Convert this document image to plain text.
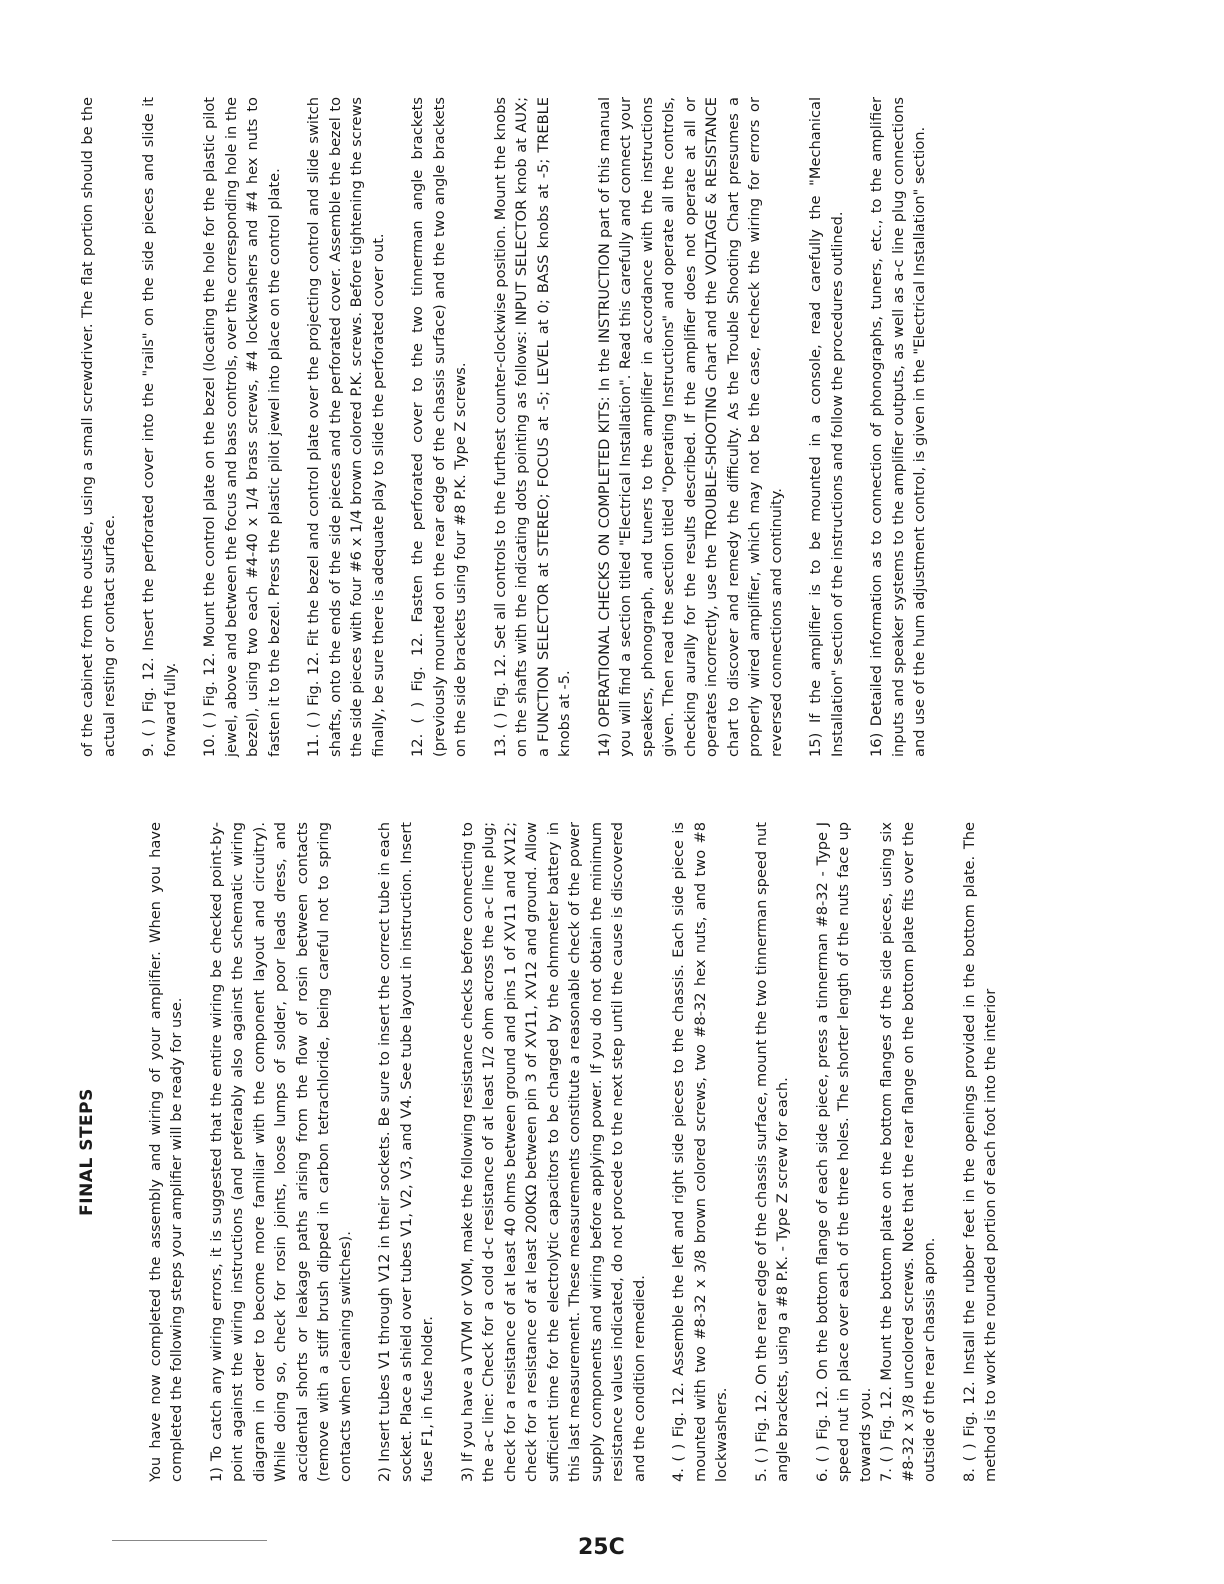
FINAL STEPS	You have now completed the assembly and wiring of your amplifier. When you have completed the following steps your amplifier will be ready for use. 1) To catch any wiring errors, it is suggested that the entire wiring be checked point-by-point against the wiring instructions (and preferably also against the schematic wiring diagram in order to become more familiar with the component layout and circuitry). While doing so, check for rosin joints, loose lumps of solder, poor leads dress, and accidental shorts or leakage paths arising from the flow of rosin between contacts (remove with a stiff brush dipped in carbon tetrachloride, being careful not to spring contacts when cleaning switches). 2) Insert tubes V1 through V12 in their sockets. Be sure to insert the correct tube in each socket. Place a shield over tubes V1, V2, V3, and V4. See tube layout in instruction. Insert fuse F1, in fuse holder. 3) If you have a VTVM or VOM, make the following resistance checks before connecting to the a-c line: Check for a cold d-c resistance of at least 1/2 ohm across the a-c line plug; check for a resistance of at least 40 ohms between ground and pins 1 of XV11 and XV12; check for a resistance of at least 200KΩ between pin 3 of XV11, XV12 and ground. Allow sufficient time for the electrolytic capacitors to be charged by the ohmmeter battery in this last measurement. These measurements constitute a reasonable check of the power supply components and wiring before applying power. If you do not obtain the minimum resistance values indicated, do not procede to the next step until the cause is discovered and the condition remedied. 4. ( ) Fig. 12. Assemble the left and right side pieces to the chassis. Each side piece is mounted with two #8-32 x 3/8 brown colored screws, two #8-32 hex nuts, and two #8 lockwashers. 5. ( ) Fig. 12. On the rear edge of the chassis surface, mount the two tinnerman speed nut angle brackets, using a #8 P.K. - Type Z screw for each. 6. ( ) Fig. 12. On the bottom flange of each side piece, press a tinnerman #8-32 - Type J speed nut in place over each of the three holes. The shorter length of the nuts face up towards you. 7. ( ) Fig. 12. Mount the bottom plate on the bottom flanges of the side pieces, using six #8-32 x 3/8 uncolored screws. Note that the rear flange on the bottom plate fits over the outside of the rear chassis apron. 8. ( ) Fig. 12. Install the rubber feet in the openings provided in the bottom plate. The method is to work the rounded portion of each foot into the interior

of the cabinet from the outside, using a small screwdriver. The flat portion should be the actual resting or contact surface. 9. ( ) Fig. 12. Insert the perforated cover into the "rails" on the side pieces and slide it forward fully. 10. ( ) Fig. 12. Mount the control plate on the bezel (locating the hole for the plastic pilot jewel, above and between the focus and bass controls, over the corresponding hole in the bezel), using two each #4-40 x 1/4 brass screws, #4 lockwashers and #4 hex nuts to fasten it to the bezel. Press the plastic pilot jewel into place on the control plate. 11. ( ) Fig. 12. Fit the bezel and control plate over the projecting control and slide switch shafts, onto the ends of the side pieces and the perforated cover. Assemble the bezel to the side pieces with four #6 x 1/4 brown colored P.K. screws. Before tightening the screws finally, be sure there is adequate play to slide the perforated cover out. 12. ( ) Fig. 12. Fasten the perforated cover to the two tinnerman angle brackets (previously mounted on the rear edge of the chassis surface) and the two angle brackets on the side brackets using four #8 P.K. Type Z screws. 13. ( ) Fig. 12. Set all controls to the furthest counter-clockwise position. Mount the knobs on the shafts with the indicating dots pointing as follows: INPUT SELECTOR knob at AUX; a FUNCTION SELECTOR at STEREO; FOCUS at -5; LEVEL at 0; BASS knobs at -5; TREBLE knobs at -5. 14) OPERATIONAL CHECKS ON COMPLETED KITS: In the INSTRUCTION part of this manual you will find a section titled "Electrical Installation". Read this carefully and connect your speakers, phonograph, and tuners to the amplifier in accordance with the instructions given. Then read the section titled "Operating Instructions" and operate all the controls, checking aurally for the results described. If the amplifier does not operate at all or operates incorrectly, use the TROUBLE-SHOOTING chart and the VOLTAGE & RESISTANCE chart to discover and remedy the difficulty. As the Trouble Shooting Chart presumes a properly wired amplifier, which may not be the case, recheck the wiring for errors or reversed connections and continuity. 15) If the amplifier is to be mounted in a console, read carefully the "Mechanical Installation" section of the instructions and follow the procedures outlined. 16) Detailed information as to connection of phonographs, tuners, etc., to the amplifier inputs and speaker systems to the amplifier outputs, as well as a-c line plug connections and use of the hum adjustment control, is given in the "Electrical Installation" section.

25C
